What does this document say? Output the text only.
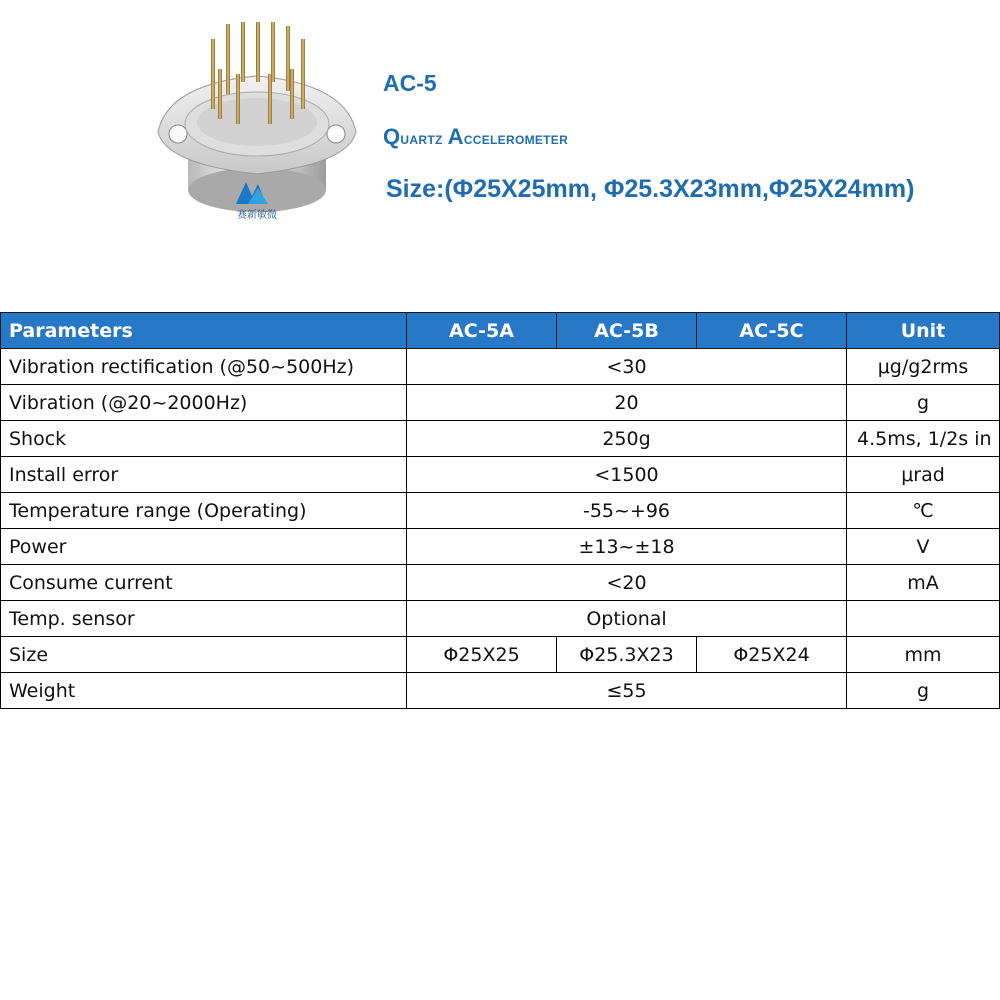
赛新敏微
AC-5
Quartz Accelerometer
Size:(Φ25X25mm, Φ25.3X23mm,Φ25X24mm)
Parameters	AC-5A	AC-5B	AC-5C	Unit
Vibration rectification (@50~500Hz)	<30			μg/g2rms
Vibration (@20~2000Hz)	20			g
Shock	250g			4.5ms, 1/2s in
Install error	<1500			μrad
Temperature range (Operating)	-55~+96			℃
Power	±13~±18			V
Consume current	<20			mA
Temp. sensor	Optional			
Size	Φ25X25	Φ25.3X23	Φ25X24	mm
Weight	≤55			g
